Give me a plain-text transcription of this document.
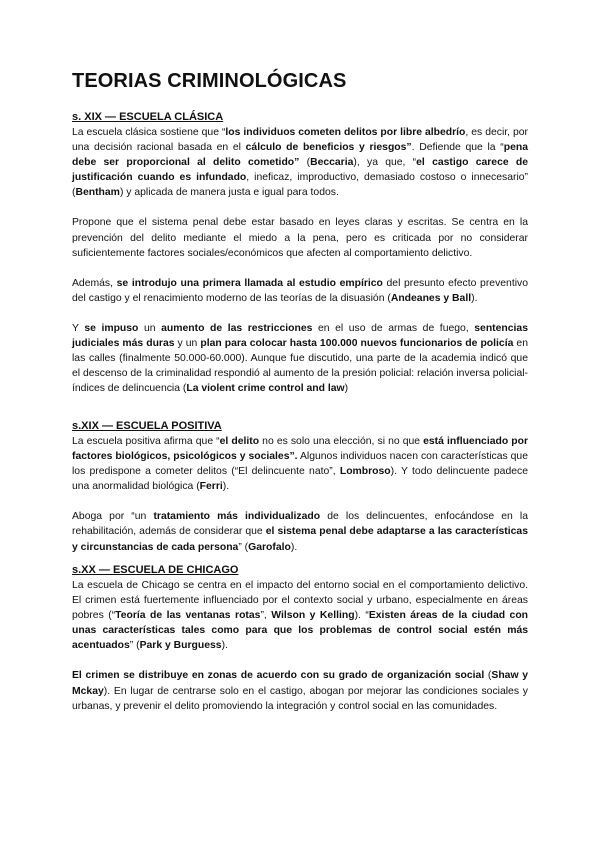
TEORIAS CRIMINOLÓGICAS
s. XIX — ESCUELA CLÁSICA

La escuela clásica sostiene que “los individuos cometen delitos por libre albedrío, es decir, por una decisión racional basada en el cálculo de beneficios y riesgos”. Defiende que la “pena debe ser proporcional al delito cometido” (Beccaria), ya que, “el castigo carece de justificación cuando es infundado, ineficaz, improductivo, demasiado costoso o innecesario” (Bentham) y aplicada de manera justa e igual para todos.

Propone que el sistema penal debe estar basado en leyes claras y escritas. Se centra en la prevención del delito mediante el miedo a la pena, pero es criticada por no considerar suficientemente factores sociales/económicos que afecten al comportamiento delictivo.

Además, se introdujo una primera llamada al estudio empírico del presunto efecto preventivo del castigo y el renacimiento moderno de las teorías de la disuasión (Andeanes y Ball).

Y se impuso un aumento de las restricciones en el uso de armas de fuego, sentencias judiciales más duras y un plan para colocar hasta 100.000 nuevos funcionarios de policía en las calles (finalmente 50.000-60.000). Aunque fue discutido, una parte de la academia indicó que el descenso de la criminalidad respondió al aumento de la presión policial: relación inversa policial-índices de delincuencia (La violent crime control and law)

s.XIX — ESCUELA POSITIVA

La escuela positiva afirma que “el delito no es solo una elección, si no que está influenciado por factores biológicos, psicológicos y sociales”. Algunos individuos nacen con características que los predispone a cometer delitos (“El delincuente nato”, Lombroso). Y todo delincuente padece una anormalidad biológica (Ferri).

Aboga por “un tratamiento más individualizado de los delincuentes, enfocándose en la rehabilitación, además de considerar que el sistema penal debe adaptarse a las características y circunstancias de cada persona” (Garofalo).

s.XX — ESCUELA DE CHICAGO

La escuela de Chicago se centra en el impacto del entorno social en el comportamiento delictivo. El crimen está fuertemente influenciado por el contexto social y urbano, especialmente en áreas pobres (“Teoría de las ventanas rotas”, Wilson y Kelling). “Existen áreas de la ciudad con unas características tales como para que los problemas de control social estén más acentuados” (Park y Burguess).

El crimen se distribuye en zonas de acuerdo con su grado de organización social (Shaw y Mckay). En lugar de centrarse solo en el castigo, abogan por mejorar las condiciones sociales y urbanas, y prevenir el delito promoviendo la integración y control social en las comunidades.
